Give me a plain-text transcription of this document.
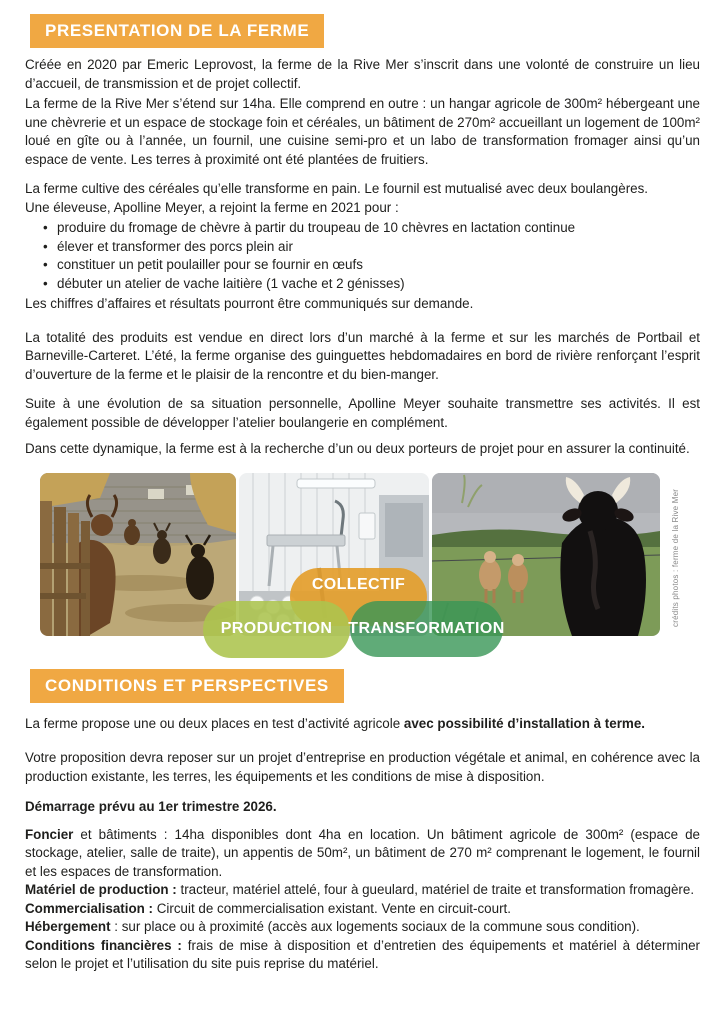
PRESENTATION DE LA FERME

Créée en 2020 par Emeric Leprovost, la ferme de la Rive Mer s’inscrit dans une volonté de construire un lieu d’accueil, de transmission et de projet collectif.

La ferme de la Rive Mer s’étend sur 14ha. Elle comprend en outre : un hangar agricole de 300m² hébergeant une une chèvrerie et un espace de stockage foin et céréales, un bâtiment de 270m² accueillant un logement de 100m² loué en gîte ou à l’année, un fournil, une cuisine semi-pro et un labo de transformation fromager ainsi qu’un espace de vente. Les terres à proximité ont été plantées de fruitiers.

La ferme cultive des céréales qu’elle transforme en pain. Le fournil est mutualisé avec deux boulangères.

Une éleveuse, Apolline Meyer, a rejoint la ferme en 2021 pour :

• produire du fromage de chèvre à partir du troupeau de 10 chèvres en lactation continue
• élever et transformer des porcs plein air
• constituer un petit poulailler pour se fournir en œufs
• débuter un atelier de vache laitière (1 vache et 2 génisses)

Les chiffres d’affaires et résultats pourront être communiqués sur demande.

La totalité des produits est vendue en direct lors d’un marché à la ferme et sur les marchés de Portbail et Barneville-Carteret. L’été, la ferme organise des guinguettes hebdomadaires en bord de rivière renforçant l’esprit d’ouverture de la ferme et le plaisir de la rencontre et du bien-manger.

Suite à une évolution de sa situation personnelle, Apolline Meyer souhaite transmettre ses activités. Il est également possible de développer l’atelier boulangerie en complément.

Dans cette dynamique, la ferme est à la recherche d’un ou deux porteurs de projet pour en assurer la continuité.

COLLECTIF
PRODUCTION TRANSFORMATION
crédits photos : ferme de la Rive Mer
CONDITIONS ET PERSPECTIVES

La ferme propose une ou deux places en test d’activité agricole avec possibilité d’installation à terme.

Votre proposition devra reposer sur un projet d’entreprise en production végétale et animal, en cohérence avec la production existante, les terres, les équipements et les conditions de mise à disposition.

Démarrage prévu au 1er trimestre 2026.

Foncier et bâtiments : 14ha disponibles dont 4ha en location. Un bâtiment agricole de 300m² (espace de stockage, atelier, salle de traite), un appentis de 50m², un bâtiment de 270 m² comprenant le logement, le fournil et les espaces de transformation.

Matériel de production : tracteur, matériel attelé, four à gueulard, matériel de traite et transformation fromagère.

Commercialisation : Circuit de commercialisation existant. Vente en circuit-court.

Hébergement : sur place ou à proximité (accès aux logements sociaux de la commune sous condition).

Conditions financières : frais de mise à disposition et d’entretien des équipements et matériel à déterminer selon le projet et l’utilisation du site puis reprise du matériel.
